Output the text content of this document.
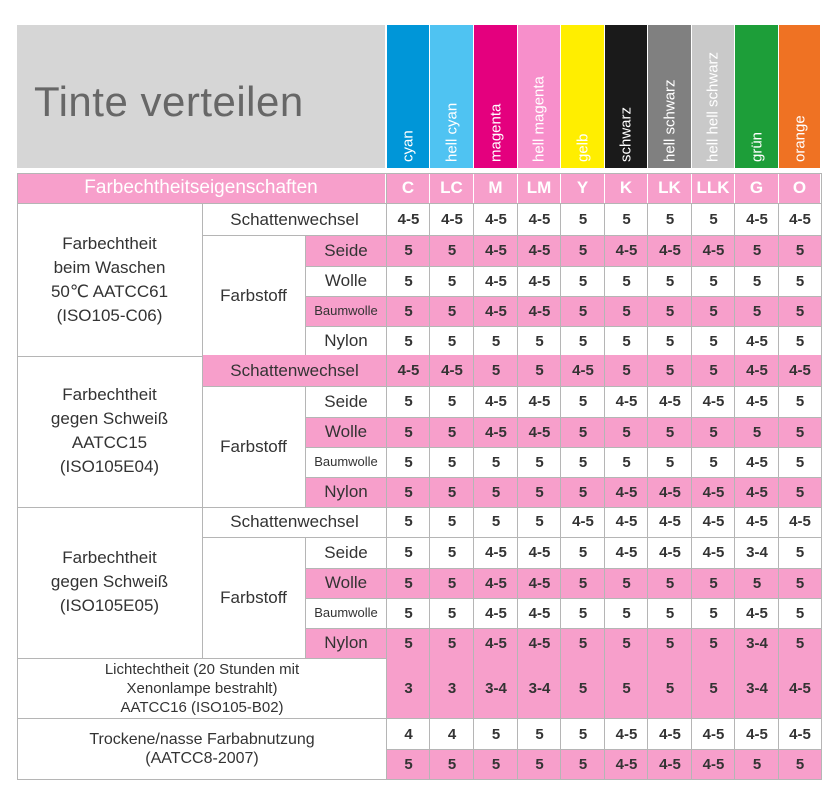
Tinte verteilen
cyan hell cyan magenta hell magenta gelb schwarz hell schwarz hell hell schwarz grün orange
Farbechtheitseigenschaften	C	LC	M	LM	Y	K	LK LLK	G	O
Farbechtheit
beim Waschen
50℃ AATCC61
(ISO105-C06)
Schattenwechsel	4-5	4-5	4-5	4-5	5	5	5	5	4-5	4-5
Farbstoff
Seide	5	5	4-5	4-5	5	4-5	4-5	4-5	5	5
Wolle	5	5	4-5	4-5	5	5	5	5	5	5
Baumwolle	5	5	4-5	4-5	5	5	5	5	5	5
Nylon	5	5	5	5	5	5	5	5	4-5	5
Farbechtheit
gegen Schweiß
AATCC15
(ISO105E04)
Schattenwechsel	4-5	4-5	5	5	4-5	5	5	5	4-5	4-5
Farbstoff
Seide	5	5	4-5	4-5	5	4-5	4-5	4-5	4-5	5
Wolle	5	5	4-5	4-5	5	5	5	5	5	5
Baumwolle	5	5	5	5	5	5	5	5	4-5	5
Nylon	5	5	5	5	5	4-5	4-5	4-5	4-5	5
Farbechtheit
gegen Schweiß
(ISO105E05)
Schattenwechsel	5	5	5	5	4-5	4-5	4-5	4-5	4-5	4-5
Farbstoff
Seide	5	5	4-5	4-5	5	4-5	4-5	4-5	3-4	5
Wolle	5	5	4-5	4-5	5	5	5	5	5	5
Baumwolle	5	5	4-5	4-5	5	5	5	5	4-5	5
Nylon	5	5	4-5	4-5	5	5	5	5	3-4	5
Lichtechtheit (20 Stunden mit
Xenonlampe bestrahlt)
AATCC16 (ISO105-B02)
3	3	3-4	3-4	5	5	5	5	3-4	4-5
Trockene/nasse Farbabnutzung
(AATCC8-2007)
4	4	5	5	5	4-5	4-5	4-5	4-5	4-5
5	5	5	5	5	4-5	4-5	4-5	5	5
